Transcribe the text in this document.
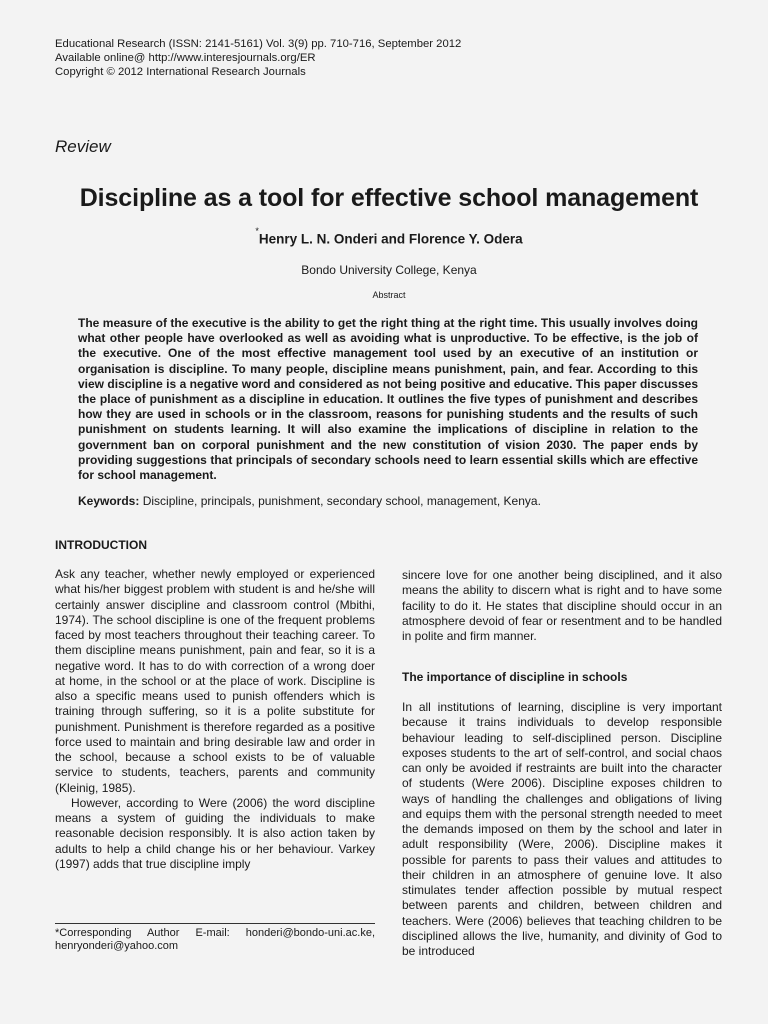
Educational Research (ISSN: 2141-5161) Vol. 3(9) pp. 710-716, September 2012
Available online@ http://www.interesjournals.org/ER
Copyright © 2012 International Research Journals
Review
Discipline as a tool for effective school management
*Henry L. N. Onderi and Florence Y. Odera
Bondo University College, Kenya
Abstract

The measure of the executive is the ability to get the right thing at the right time. This usually involves doing what other people have overlooked as well as avoiding what is unproductive. To be effective, is the job of the executive. One of the most effective management tool used by an executive of an institution or organisation is discipline. To many people, discipline means punishment, pain, and fear. According to this view discipline is a negative word and considered as not being positive and educative. This paper discusses the place of punishment as a discipline in education. It outlines the five types of punishment and describes how they are used in schools or in the classroom, reasons for punishing students and the results of such punishment on students learning. It will also examine the implications of discipline in relation to the government ban on corporal punishment and the new constitution of vision 2030. The paper ends by providing suggestions that principals of secondary schools need to learn essential skills which are effective for school management.

Keywords: Discipline, principals, punishment, secondary school, management, Kenya.
INTRODUCTION

Ask any teacher, whether newly employed or experienced what his/her biggest problem with student is and he/she will certainly answer discipline and classroom control (Mbithi, 1974). The school discipline is one of the frequent problems faced by most teachers throughout their teaching career. To them discipline means punishment, pain and fear, so it is a negative word. It has to do with correction of a wrong doer at home, in the school or at the place of work. Discipline is also a specific means used to punish offenders which is training through suffering, so it is a polite substitute for punishment. Punishment is therefore regarded as a positive force used to maintain and bring desirable law and order in the school, because a school exists to be of valuable service to students, teachers, parents and community (Kleinig, 1985).

However, according to Were (2006) the word discipline means a system of guiding the individuals to make reasonable decision responsibly. It is also action taken by adults to help a child change his or her behaviour. Varkey (1997) adds that true discipline imply

sincere love for one another being disciplined, and it also means the ability to discern what is right and to have some facility to do it. He states that discipline should occur in an atmosphere devoid of fear or resentment and to be handled in polite and firm manner.

The importance of discipline in schools

In all institutions of learning, discipline is very important because it trains individuals to develop responsible behaviour leading to self-disciplined person. Discipline exposes students to the art of self-control, and social chaos can only be avoided if restraints are built into the character of students (Were 2006). Discipline exposes children to ways of handling the challenges and obligations of living and equips them with the personal strength needed to meet the demands imposed on them by the school and later in adult responsibility (Were, 2006). Discipline makes it possible for parents to pass their values and attitudes to their children in an atmosphere of genuine love. It also stimulates tender affection possible by mutual respect between parents and children, between children and teachers. Were (2006) believes that teaching children to be disciplined allows the live, humanity, and divinity of God to be introduced

*Corresponding Author E-mail: honderi@bondo-uni.ac.ke,

henryonderi@yahoo.com
